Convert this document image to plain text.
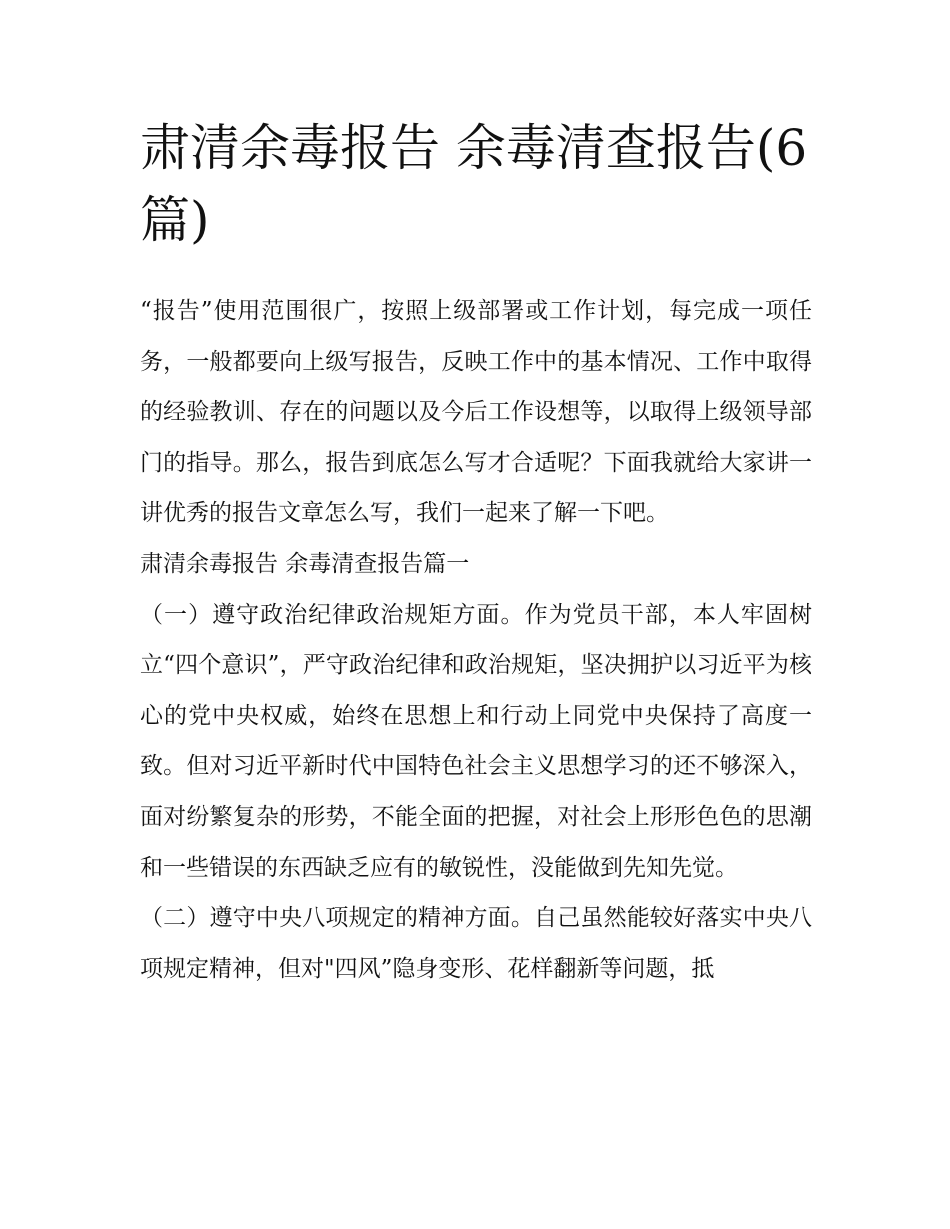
肃清余毒报告 余毒清查报告(6篇)

“报告”使用范围很广，按照上级部署或工作计划，每完成一项任务，一般都要向上级写报告，反映工作中的基本情况、工作中取得的经验教训、存在的问题以及今后工作设想等，以取得上级领导部门的指导。那么，报告到底怎么写才合适呢？下面我就给大家讲一讲优秀的报告文章怎么写，我们一起来了解一下吧。

肃清余毒报告 余毒清查报告篇一

（一）遵守政治纪律政治规矩方面。作为党员干部，本人牢固树立“四个意识”，严守政治纪律和政治规矩，坚决拥护以习近平为核心的党中央权威，始终在思想上和行动上同党中央保持了高度一致。但对习近平新时代中国特色社会主义思想学习的还不够深入，面对纷繁复杂的形势，不能全面的把握，对社会上形形色色的思潮和一些错误的东西缺乏应有的敏锐性，没能做到先知先觉。

（二）遵守中央八项规定的精神方面。自己虽然能较好落实中央八项规定精神，但对"四风”隐身变形、花样翻新等问题，抵
